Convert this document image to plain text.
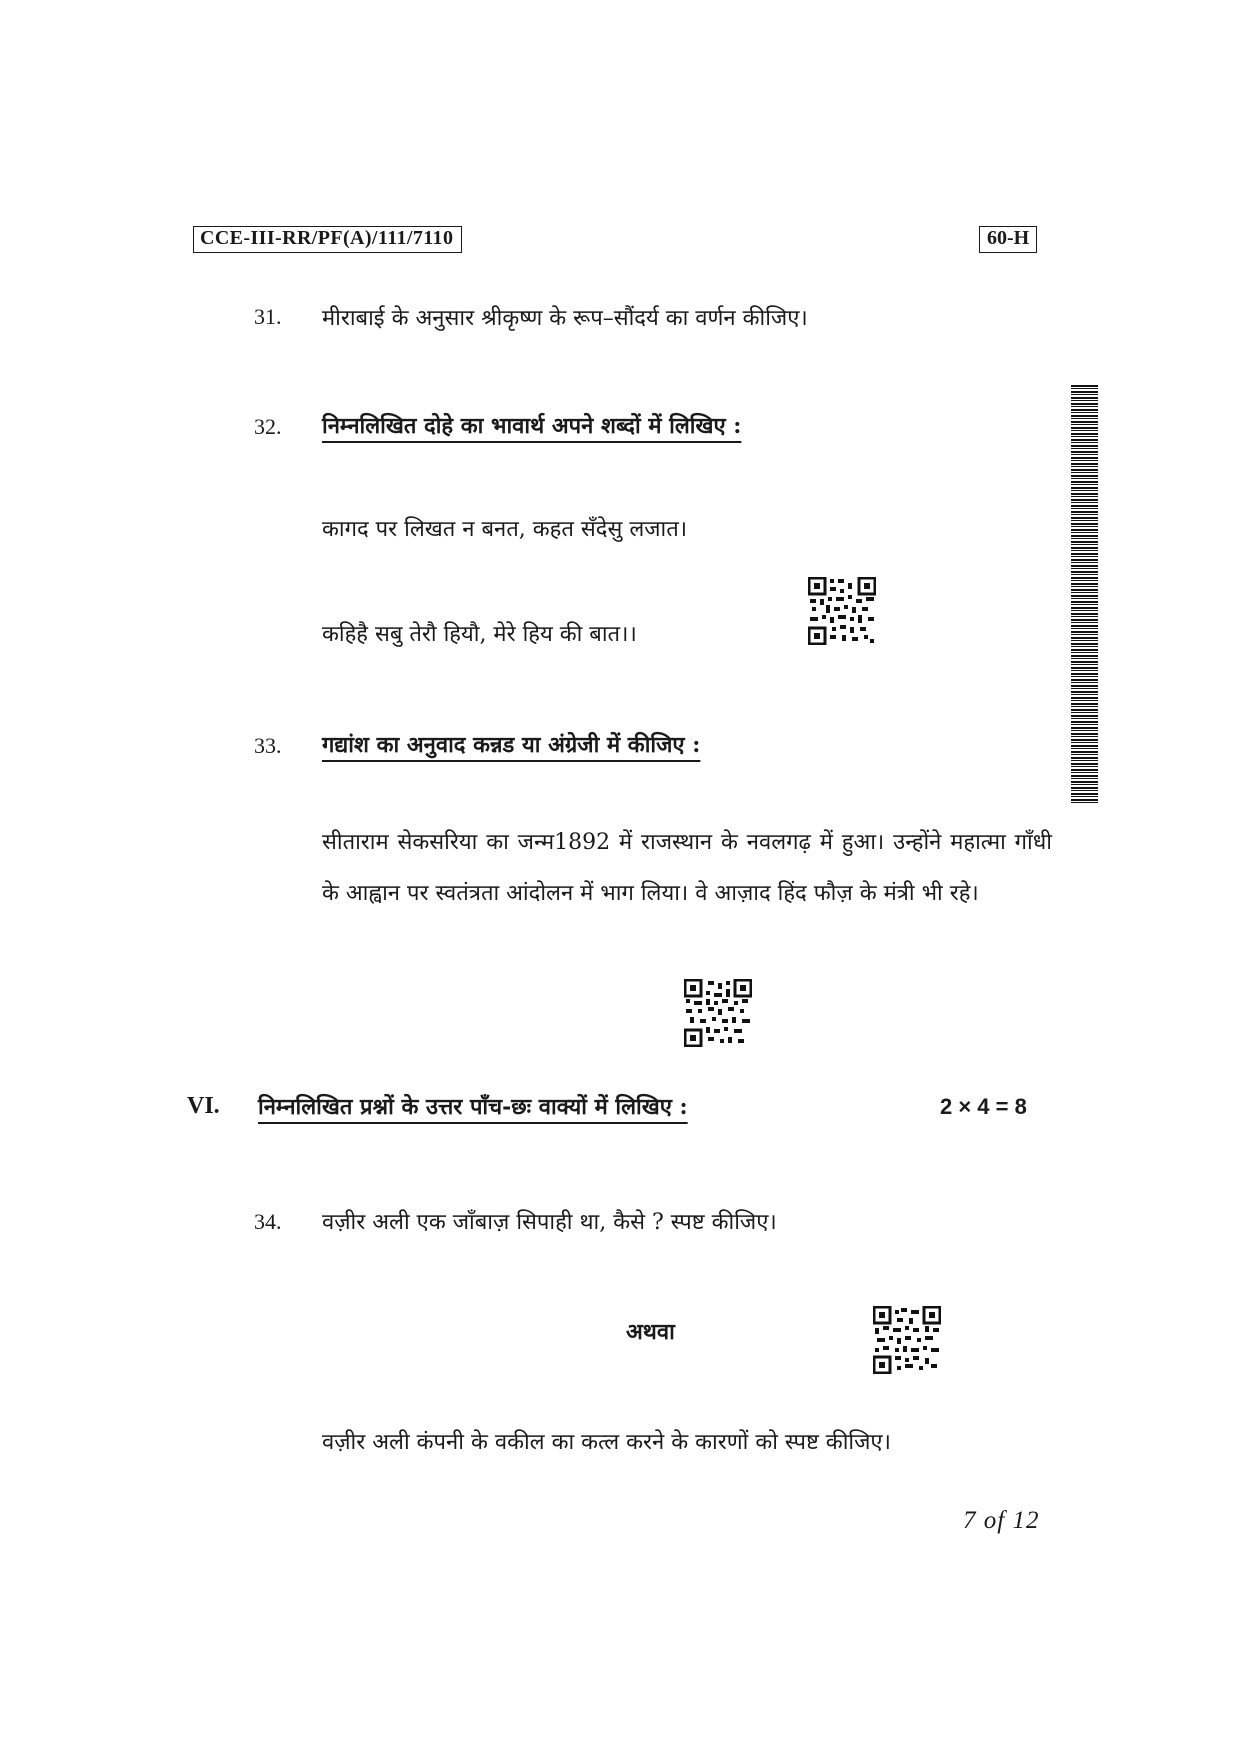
CCE-III-RR/PF(A)/111/7110	60-H
31. मीराबाई के अनुसार श्रीकृष्ण के रूप–सौंदर्य का वर्णन कीजिए।
32. निम्नलिखित दोहे का भावार्थ अपने शब्दों में लिखिए :
कागद पर लिखत न बनत, कहत सँदेसु लजात।
कहिहै सबु तेरौ हियौ, मेरे हिय की बात।।
33. गद्यांश का अनुवाद कन्नड या अंग्रेजी में कीजिए :
सीताराम सेकसरिया का जन्म1892 में राजस्थान के नवलगढ़ में हुआ। उन्होंने महात्मा गाँधी के आह्वान पर स्वतंत्रता आंदोलन में भाग लिया। वे आज़ाद हिंद फौज़ के मंत्री भी रहे।
VI. निम्नलिखित प्रश्नों के उत्तर पाँच-छः वाक्यों में लिखिए :	2 × 4 = 8
34. वज़ीर अली एक जाँबाज़ सिपाही था, कैसे ? स्पष्ट कीजिए।
अथवा
वज़ीर अली कंपनी के वकील का कत्ल करने के कारणों को स्पष्ट कीजिए।
7 of 12
